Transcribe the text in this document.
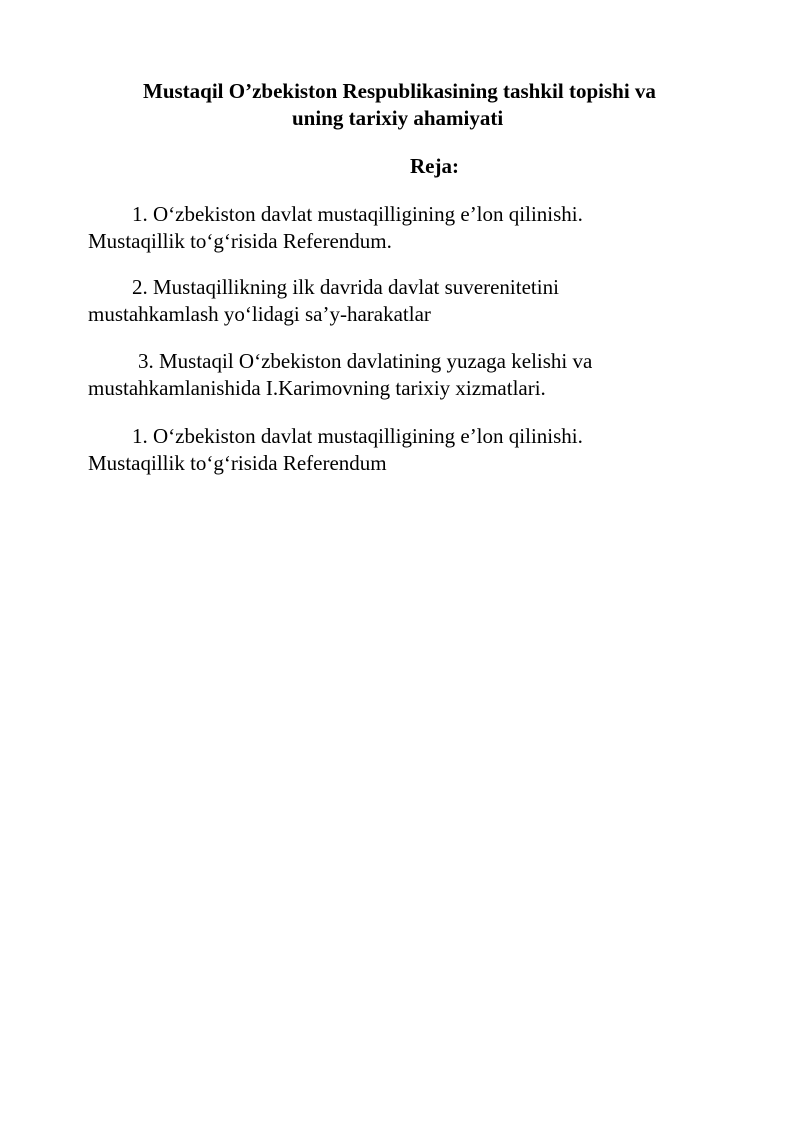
Mustaqil O’zbekiston Respublikasining tashkil topishi va
uning tarixiy ahamiyati
Reja:

1. O‘zbekiston davlat mustaqilligining e’lon qilinishi.
Mustaqillik to‘g‘risida Referendum.

2. Mustaqillikning ilk davrida davlat suverenitetini
mustahkamlash yo‘lidagi sa’y-harakatlar

3. Mustaqil O‘zbekiston davlatining yuzaga kelishi va
mustahkamlanishida I.Karimovning tarixiy xizmatlari.

1. O‘zbekiston davlat mustaqilligining e’lon qilinishi.
Mustaqillik to‘g‘risida Referendum
